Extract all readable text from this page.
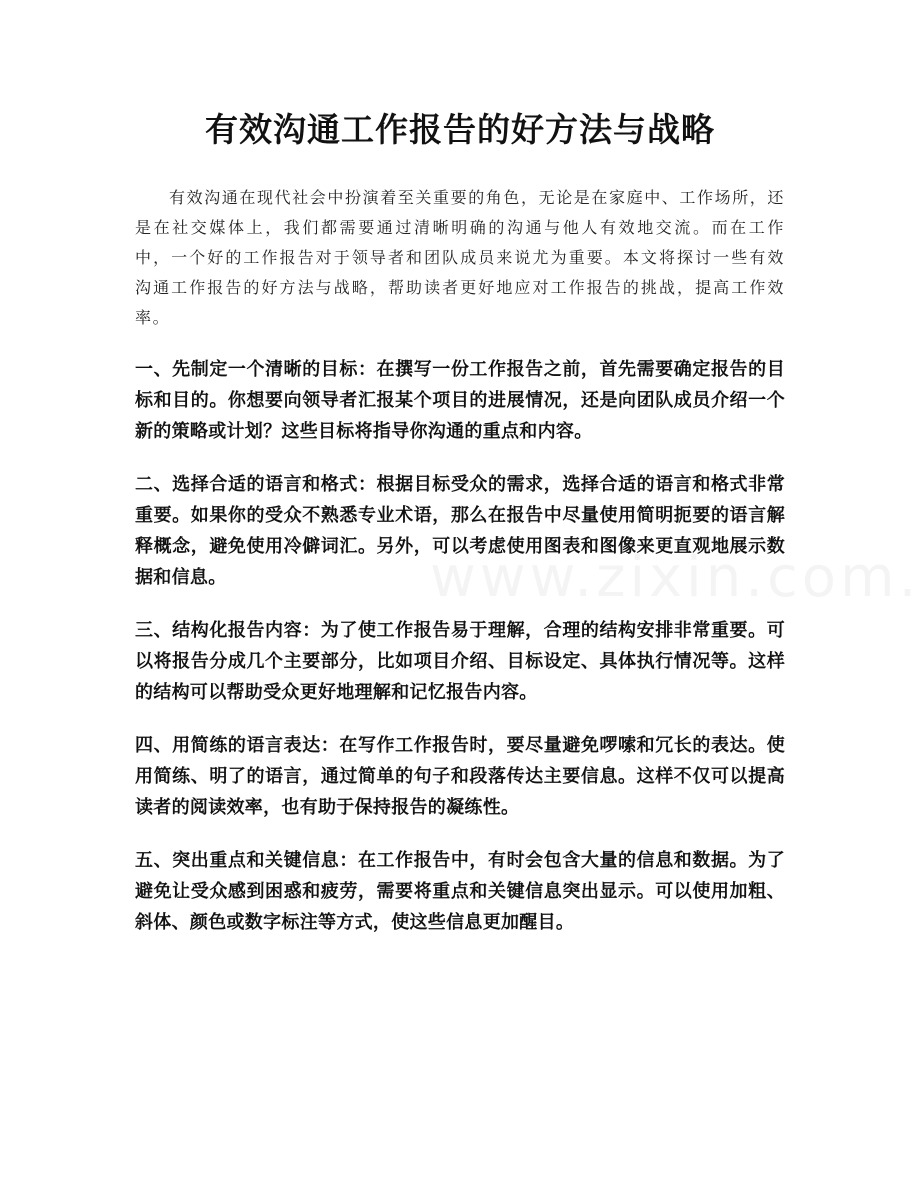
有效沟通工作报告的好方法与战略

有效沟通在现代社会中扮演着至关重要的角色，无论是在家庭中、工作场所，还是在社交媒体上，我们都需要通过清晰明确的沟通与他人有效地交流。而在工作中，一个好的工作报告对于领导者和团队成员来说尤为重要。本文将探讨一些有效沟通工作报告的好方法与战略，帮助读者更好地应对工作报告的挑战，提高工作效率。

一、先制定一个清晰的目标：在撰写一份工作报告之前，首先需要确定报告的目标和目的。你想要向领导者汇报某个项目的进展情况，还是向团队成员介绍一个新的策略或计划？这些目标将指导你沟通的重点和内容。

二、选择合适的语言和格式：根据目标受众的需求，选择合适的语言和格式非常重要。如果你的受众不熟悉专业术语，那么在报告中尽量使用简明扼要的语言解释概念，避免使用冷僻词汇。另外，可以考虑使用图表和图像来更直观地展示数据和信息。

三、结构化报告内容：为了使工作报告易于理解，合理的结构安排非常重要。可以将报告分成几个主要部分，比如项目介绍、目标设定、具体执行情况等。这样的结构可以帮助受众更好地理解和记忆报告内容。

四、用简练的语言表达：在写作工作报告时，要尽量避免啰嗦和冗长的表达。使用简练、明了的语言，通过简单的句子和段落传达主要信息。这样不仅可以提高读者的阅读效率，也有助于保持报告的凝练性。

五、突出重点和关键信息：在工作报告中，有时会包含大量的信息和数据。为了避免让受众感到困惑和疲劳，需要将重点和关键信息突出显示。可以使用加粗、斜体、颜色或数字标注等方式，使这些信息更加醒目。
